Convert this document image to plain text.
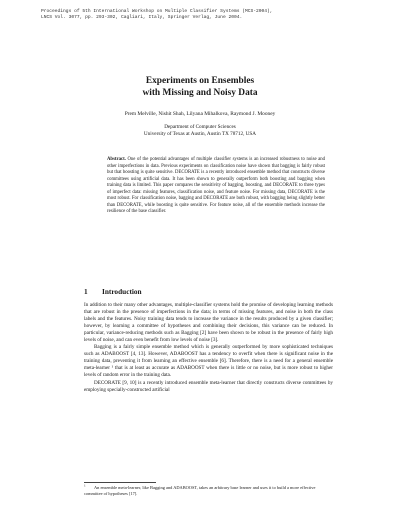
Proceedings of 5th International Workshop on Multiple Classifier Systems (MCS-2004),
LNCS Vol. 3077, pp. 293-302, Cagliari, Italy, Springer Verlag, June 2004.
Experiments on Ensembles
with Missing and Noisy Data
Prem Melville, Nishit Shah, Lilyana Mihalkova, Raymond J. Mooney
Department of Computer Sciences
University of Texas at Austin, Austin TX 78712, USA
Abstract. One of the potential advantages of multiple classifier systems is an increased robustness to noise and other imperfections in data. Previous experiments on classification noise have shown that bagging is fairly robust but that boosting is quite sensitive. DECORATE is a recently introduced ensemble method that constructs diverse committees using artificial data. It has been shown to generally outperform both boosting and bagging when training data is limited. This paper compares the sensitivity of bagging, boosting, and DECORATE to three types of imperfect data: missing features, classification noise, and feature noise. For missing data, DECORATE is the most robust. For classification noise, bagging and DECORATE are both robust, with bagging being slightly better than DECORATE, while boosting is quite sensitive. For feature noise, all of the ensemble methods increase the resilience of the base classifier.
1 Introduction

In addition to their many other advantages, multiple-classifier systems hold the promise of developing learning methods that are robust in the presence of imperfections in the data; in terms of missing features, and noise in both the class labels and the features. Noisy training data tends to increase the variance in the results produced by a given classifier; however, by learning a committee of hypotheses and combining their decisions, this variance can be reduced. In particular, variance-reducing methods such as Bagging [2] have been shown to be robust in the presence of fairly high levels of noise, and can even benefit from low levels of noise [3].

Bagging is a fairly simple ensemble method which is generally outperformed by more sophisticated techniques such as ADABOOST [4, 13]. However, ADABOOST has a tendency to overfit when there is significant noise in the training data, preventing it from learning an effective ensemble [6]. Therefore, there is a need for a general ensemble meta-learner ¹ that is at least as accurate as ADABOOST when there is little or no noise, but is more robust to higher levels of random error in the training data.

DECORATE [9, 10] is a recently introduced ensemble meta-learner that directly constructs diverse committees by employing specially-constructed artificial

$^1$ An ensemble meta-learner, like Bagging and ADABOOST, takes an arbitrary base learner and uses it to build a more effective committee of hypotheses [17].
